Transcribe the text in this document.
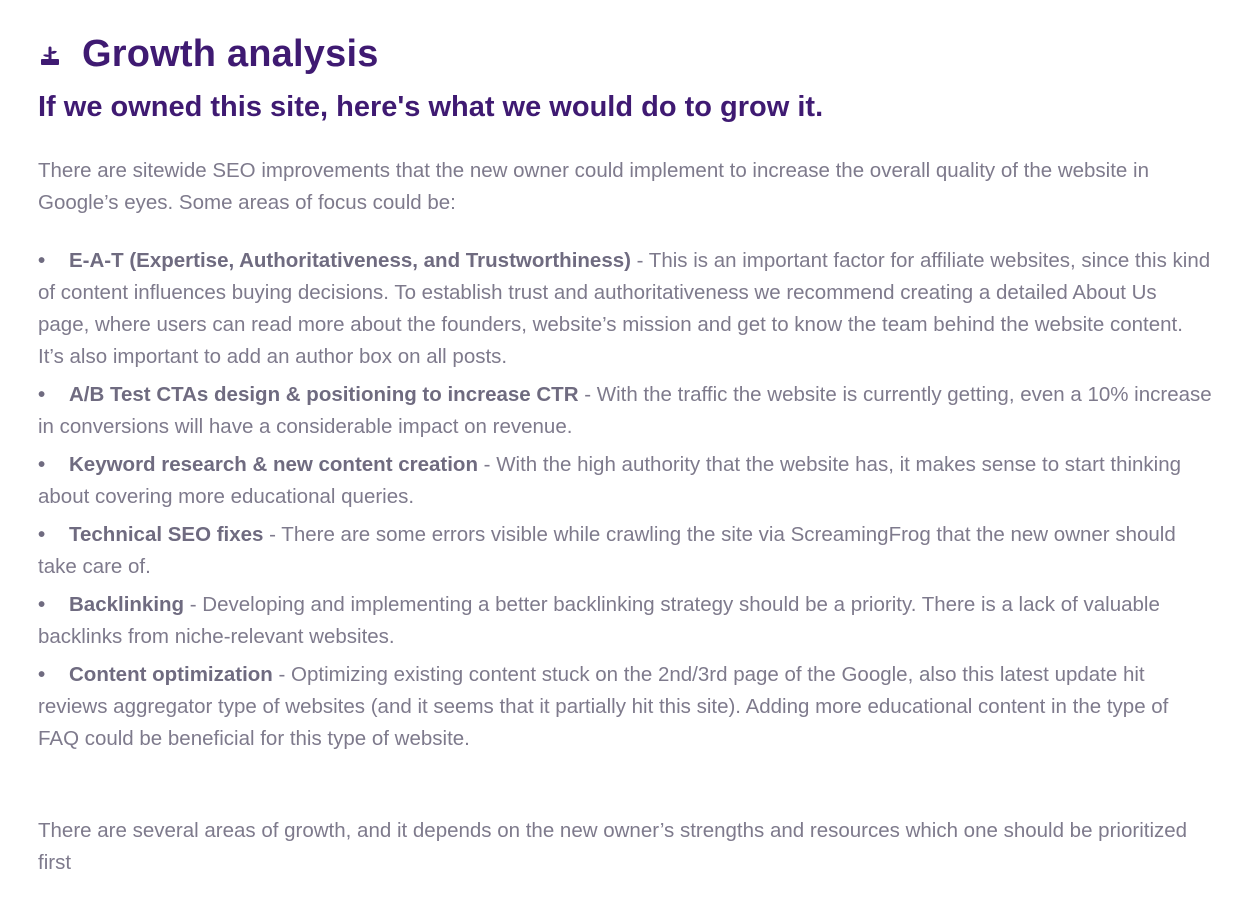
Growth analysis
If we owned this site, here's what we would do to grow it.

There are sitewide SEO improvements that the new owner could implement to increase the overall quality of the website in Google’s eyes. Some areas of focus could be:

• E-A-T (Expertise, Authoritativeness, and Trustworthiness) - This is an important factor for affiliate websites, since this kind of content influences buying decisions. To establish trust and authoritativeness we recommend creating a detailed About Us page, where users can read more about the founders, website’s mission and get to know the team behind the website content. It’s also important to add an author box on all posts.
• A/B Test CTAs design & positioning to increase CTR - With the traffic the website is currently getting, even a 10% increase in conversions will have a considerable impact on revenue.
• Keyword research & new content creation - With the high authority that the website has, it makes sense to start thinking about covering more educational queries.
• Technical SEO fixes - There are some errors visible while crawling the site via ScreamingFrog that the new owner should take care of.
• Backlinking - Developing and implementing a better backlinking strategy should be a priority. There is a lack of valuable backlinks from niche-relevant websites.
• Content optimization - Optimizing existing content stuck on the 2nd/3rd page of the Google, also this latest update hit reviews aggregator type of websites (and it seems that it partially hit this site). Adding more educational content in the type of FAQ could be beneficial for this type of website.

There are several areas of growth, and it depends on the new owner’s strengths and resources which one should be prioritized first
